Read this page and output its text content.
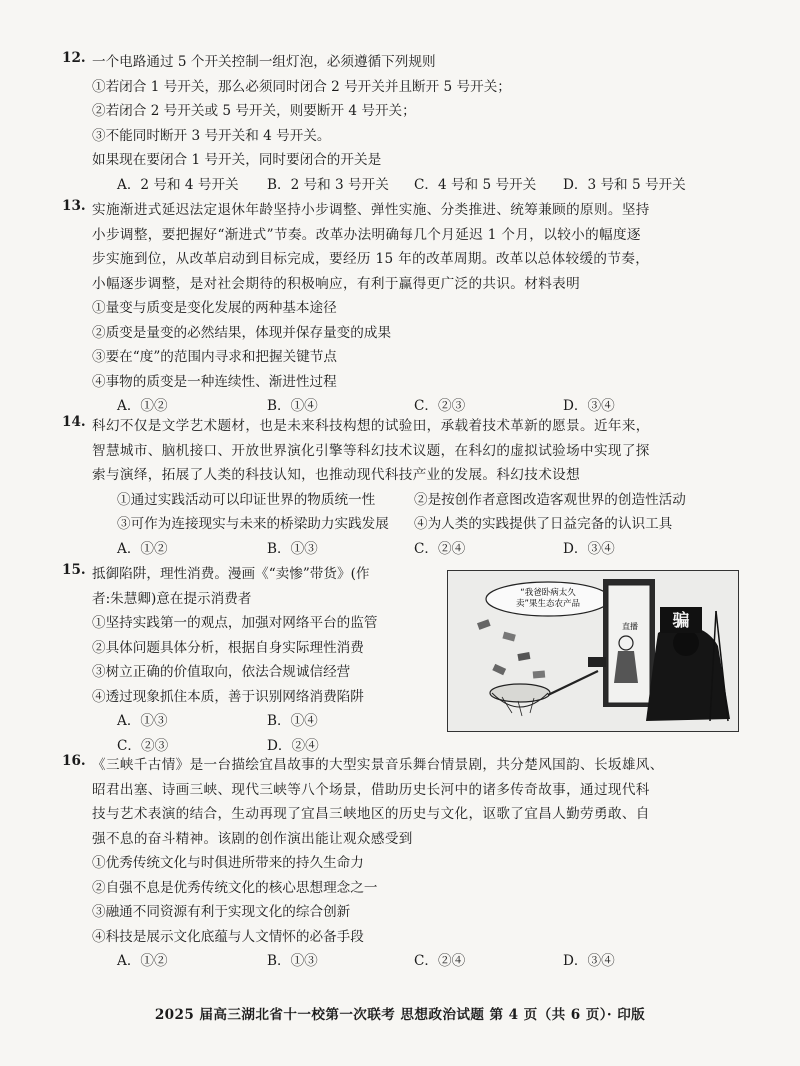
12. 一个电路通过 5 个开关控制一组灯泡，必须遵循下列规则
①若闭合 1 号开关，那么必须同时闭合 2 号开关并且断开 5 号开关；
②若闭合 2 号开关或 5 号开关，则要断开 4 号开关；
③不能同时断开 3 号开关和 4 号开关。
如果现在要闭合 1 号开关，同时要闭合的开关是
A．2 号和 4 号开关 B．2 号和 3 号开关 C．4 号和 5 号开关 D．3 号和 5 号开关
13. 实施渐进式延迟法定退休年龄坚持小步调整、弹性实施、分类推进、统筹兼顾的原则。坚持
小步调整，要把握好“渐进式”节奏。改革办法明确每几个月延迟 1 个月，以较小的幅度逐
步实施到位，从改革启动到目标完成，要经历 15 年的改革周期。改革以总体较缓的节奏，
小幅逐步调整，是对社会期待的积极响应，有利于赢得更广泛的共识。材料表明
①量变与质变是变化发展的两种基本途径
②质变是量变的必然结果，体现并保存量变的成果
③要在“度”的范围内寻求和把握关键节点
④事物的质变是一种连续性、渐进性过程
A．①②	B．①④	C．②③	D．③④
14. 科幻不仅是文学艺术题材，也是未来科技构想的试验田，承载着技术革新的愿景。近年来，
智慧城市、脑机接口、开放世界演化引擎等科幻技术议题，在科幻的虚拟试验场中实现了探
索与演绎，拓展了人类的科技认知，也推动现代科技产业的发展。科幻技术设想
①通过实践活动可以印证世界的物质统一性	②是按创作者意图改造客观世界的创造性活动
③可作为连接现实与未来的桥梁助力实践发展 ④为人类的实践提供了日益完备的认识工具
A．①②	B．①③	C．②④	D．③④
15. 抵御陷阱，理性消费。漫画《“卖惨”带货》(作
者:朱慧卿)意在提示消费者
①坚持实践第一的观点，加强对网络平台的监管
②具体问题具体分析，根据自身实际理性消费
③树立正确的价值取向，依法合规诚信经营
④透过现象抓住本质，善于识别网络消费陷阱
A．①③	B．①④
C．②③	D．②④
“我爸卧病太久
卖”果生态农产品
骗
直播
16. 《三峡千古情》是一台描绘宜昌故事的大型实景音乐舞台情景剧，共分楚风国韵、长坂雄风、
昭君出塞、诗画三峡、现代三峡等八个场景，借助历史长河中的诸多传奇故事，通过现代科
技与艺术表演的结合，生动再现了宜昌三峡地区的历史与文化，讴歌了宜昌人勤劳勇敢、自
强不息的奋斗精神。该剧的创作演出能让观众感受到
①优秀传统文化与时俱进所带来的持久生命力
②自强不息是优秀传统文化的核心思想理念之一
③融通不同资源有利于实现文化的综合创新
④科技是展示文化底蕴与人文情怀的必备手段
A．①②	B．①③	C．②④	D．③④
2025 届高三湖北省十一校第一次联考 思想政治试题 第 4 页（共 6 页）· 印版
